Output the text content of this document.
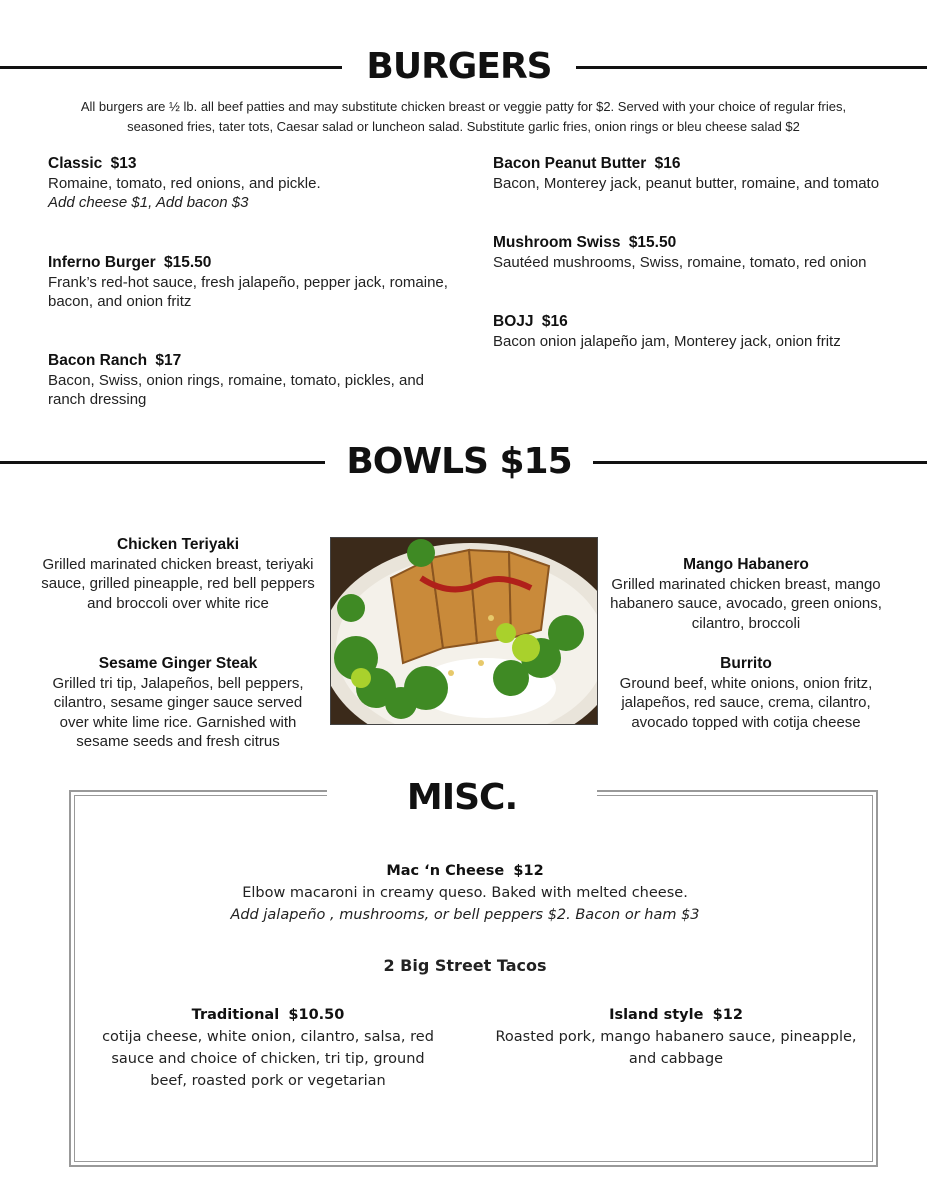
BURGERS
All burgers are ½ lb. all beef patties and may substitute chicken breast or veggie patty for $2. Served with your choice of regular fries,
seasoned fries, tater tots, Caesar salad or luncheon salad. Substitute garlic fries, onion rings or bleu cheese salad $2
Classic $13
Romaine, tomato, red onions, and pickle.
Add cheese $1, Add bacon $3
Inferno Burger $15.50
Frank’s red-hot sauce, fresh jalapeño, pepper jack, romaine, bacon, and onion fritz
Bacon Ranch $17
Bacon, Swiss, onion rings, romaine, tomato, pickles, and ranch dressing
Bacon Peanut Butter $16
Bacon, Monterey jack, peanut butter, romaine, and tomato
Mushroom Swiss $15.50
Sautéed mushrooms, Swiss, romaine, tomato, red onion
BOJJ $16
Bacon onion jalapeño jam, Monterey jack, onion fritz
BOWLS $15
Chicken Teriyaki
Grilled marinated chicken breast, teriyaki sauce, grilled pineapple, red bell peppers and broccoli over white rice
Sesame Ginger Steak
Grilled tri tip, Jalapeños, bell peppers, cilantro, sesame ginger sauce served over white lime rice. Garnished with sesame seeds and fresh citrus
Mango Habanero
Grilled marinated chicken breast, mango habanero sauce, avocado, green onions, cilantro, broccoli
Burrito
Ground beef, white onions, onion fritz, jalapeños, red sauce, crema, cilantro, avocado topped with cotija cheese
MISC.
Mac ‘n Cheese $12
Elbow macaroni in creamy queso. Baked with melted cheese.
Add jalapeño , mushrooms, or bell peppers $2. Bacon or ham $3
2 Big Street Tacos
Traditional $10.50
cotija cheese, white onion, cilantro, salsa, red sauce and choice of chicken, tri tip, ground beef, roasted pork or vegetarian
Island style $12
Roasted pork, mango habanero sauce, pineapple, and cabbage
